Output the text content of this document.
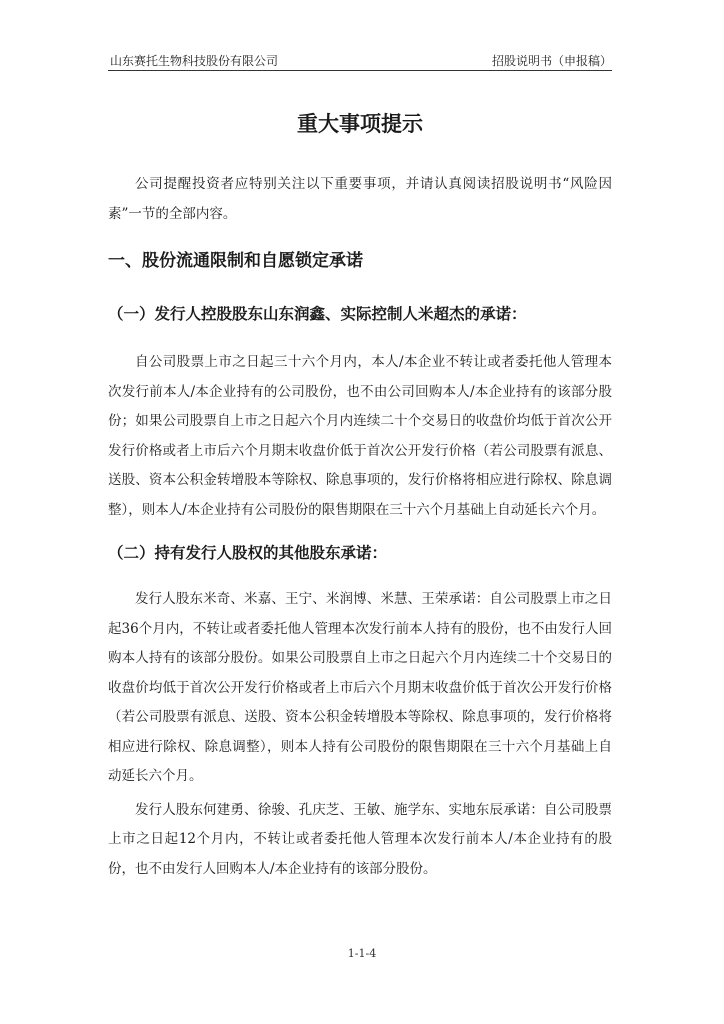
山东赛托生物科技股份有限公司	招股说明书（申报稿）
重大事项提示

公司提醒投资者应特别关注以下重要事项，并请认真阅读招股说明书“风险因素”一节的全部内容。

一、股份流通限制和自愿锁定承诺
（一）发行人控股股东山东润鑫、实际控制人米超杰的承诺：

自公司股票上市之日起三十六个月内，本人/本企业不转让或者委托他人管理本次发行前本人/本企业持有的公司股份，也不由公司回购本人/本企业持有的该部分股份；如果公司股票自上市之日起六个月内连续二十个交易日的收盘价均低于首次公开发行价格或者上市后六个月期末收盘价低于首次公开发行价格（若公司股票有派息、送股、资本公积金转增股本等除权、除息事项的，发行价格将相应进行除权、除息调整），则本人/本企业持有公司股份的限售期限在三十六个月基础上自动延长六个月。

（二）持有发行人股权的其他股东承诺：

发行人股东米奇、米嘉、王宁、米润博、米慧、王荣承诺：自公司股票上市之日起36个月内，不转让或者委托他人管理本次发行前本人持有的股份，也不由发行人回购本人持有的该部分股份。如果公司股票自上市之日起六个月内连续二十个交易日的收盘价均低于首次公开发行价格或者上市后六个月期末收盘价低于首次公开发行价格（若公司股票有派息、送股、资本公积金转增股本等除权、除息事项的，发行价格将相应进行除权、除息调整），则本人持有公司股份的限售期限在三十六个月基础上自动延长六个月。

发行人股东何建勇、徐骏、孔庆芝、王敏、施学东、实地东辰承诺：自公司股票上市之日起12个月内，不转让或者委托他人管理本次发行前本人/本企业持有的股份，也不由发行人回购本人/本企业持有的该部分股份。

1-1-4
